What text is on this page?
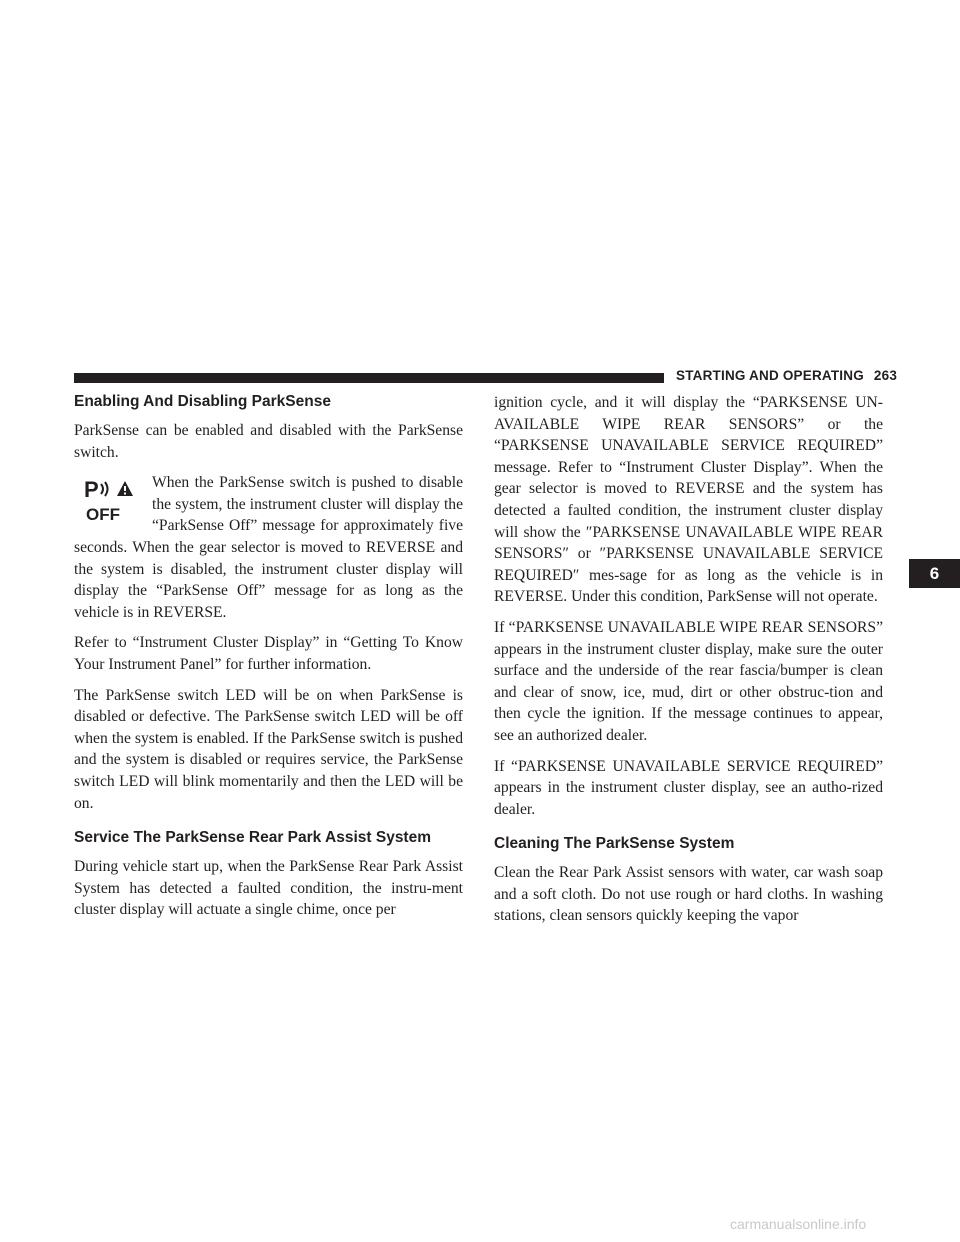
STARTING AND OPERATING 263
Enabling And Disabling ParkSense

ParkSense can be enabled and disabled with the ParkSense switch.

P
OFF

When the ParkSense switch is pushed to disable the system, the instrument cluster will display the “ParkSense Off” message for approximately five seconds. When the gear selector is moved to REVERSE and the system is disabled, the instrument cluster display will display the “ParkSense Off” message for as long as the vehicle is in REVERSE.

Refer to “Instrument Cluster Display” in “Getting To Know Your Instrument Panel” for further information.

The ParkSense switch LED will be on when ParkSense is disabled or defective. The ParkSense switch LED will be off when the system is enabled. If the ParkSense switch is pushed and the system is disabled or requires service, the ParkSense switch LED will blink momentarily and then the LED will be on.

Service The ParkSense Rear Park Assist System

During vehicle start up, when the ParkSense Rear Park Assist System has detected a faulted condition, the instru-ment cluster display will actuate a single chime, once per

ignition cycle, and it will display the “PARKSENSE UN-AVAILABLE WIPE REAR SENSORS” or the “PARKSENSE UNAVAILABLE SERVICE REQUIRED” message. Refer to “Instrument Cluster Display”. When the gear selector is moved to REVERSE and the system has detected a faulted condition, the instrument cluster display will show the ″PARKSENSE UNAVAILABLE WIPE REAR SENSORS″ or ″PARKSENSE UNAVAILABLE SERVICE REQUIRED″ mes-sage for as long as the vehicle is in REVERSE. Under this condition, ParkSense will not operate.

If “PARKSENSE UNAVAILABLE WIPE REAR SENSORS” appears in the instrument cluster display, make sure the outer surface and the underside of the rear fascia/bumper is clean and clear of snow, ice, mud, dirt or other obstruc-tion and then cycle the ignition. If the message continues to appear, see an authorized dealer.

If “PARKSENSE UNAVAILABLE SERVICE REQUIRED” appears in the instrument cluster display, see an autho-rized dealer.

Cleaning The ParkSense System

Clean the Rear Park Assist sensors with water, car wash soap and a soft cloth. Do not use rough or hard cloths. In washing stations, clean sensors quickly keeping the vapor

6
carmanualsonline.info
